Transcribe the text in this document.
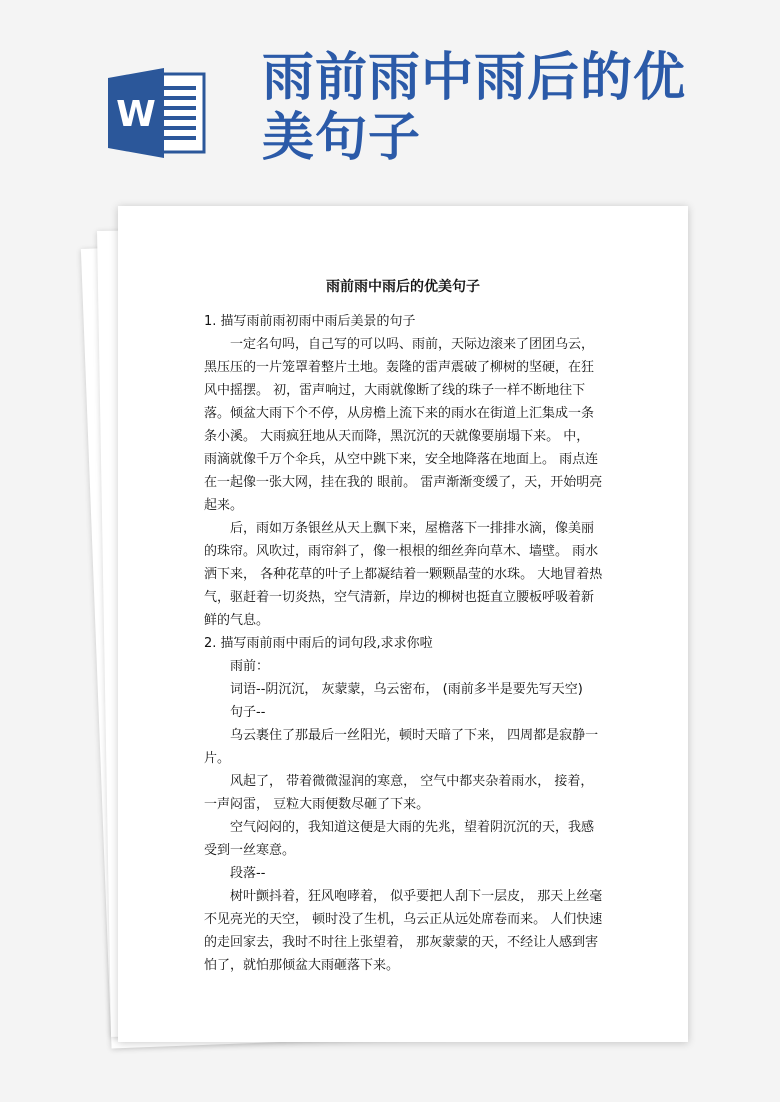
W
雨前雨中雨后的优
美句子
雨前雨中雨后的优美句子

1. 描写雨前雨初雨中雨后美景的句子

一定名句吗，自己写的可以吗、雨前，天际边滚来了团团乌云，黑压压的一片笼罩着整片土地。轰隆的雷声震破了柳树的坚硬，在狂风中摇摆。 初，雷声响过，大雨就像断了线的珠子一样不断地往下落。倾盆大雨下个不停，从房檐上流下来的雨水在街道上汇集成一条条小溪。 大雨疯狂地从天而降，黑沉沉的天就像要崩塌下来。 中， 雨滴就像千万个伞兵，从空中跳下来，安全地降落在地面上。 雨点连在一起像一张大网，挂在我的 眼前。 雷声渐渐变缓了，天，开始明亮起来。

后，雨如万条银丝从天上飘下来，屋檐落下一排排水滴，像美丽的珠帘。风吹过，雨帘斜了，像一根根的细丝奔向草木、墙壁。 雨水洒下来， 各种花草的叶子上都凝结着一颗颗晶莹的水珠。 大地冒着热气，驱赶着一切炎热，空气清新，岸边的柳树也挺直立腰板呼吸着新鲜的气息。

2. 描写雨前雨中雨后的词句段,求求你啦

雨前：

词语--阴沉沉， 灰蒙蒙，乌云密布， (雨前多半是要先写天空)

句子--

乌云裹住了那最后一丝阳光，顿时天暗了下来， 四周都是寂静一片。

风起了， 带着微微湿润的寒意， 空气中都夹杂着雨水， 接着，一声闷雷， 豆粒大雨便数尽砸了下来。

空气闷闷的，我知道这便是大雨的先兆，望着阴沉沉的天，我感受到一丝寒意。

段落--

树叶颤抖着，狂风咆哮着， 似乎要把人刮下一层皮， 那天上丝毫不见亮光的天空， 顿时没了生机，乌云正从远处席卷而来。 人们快速的走回家去，我时不时往上张望着， 那灰蒙蒙的天，不经让人感到害怕了，就怕那倾盆大雨砸落下来。
